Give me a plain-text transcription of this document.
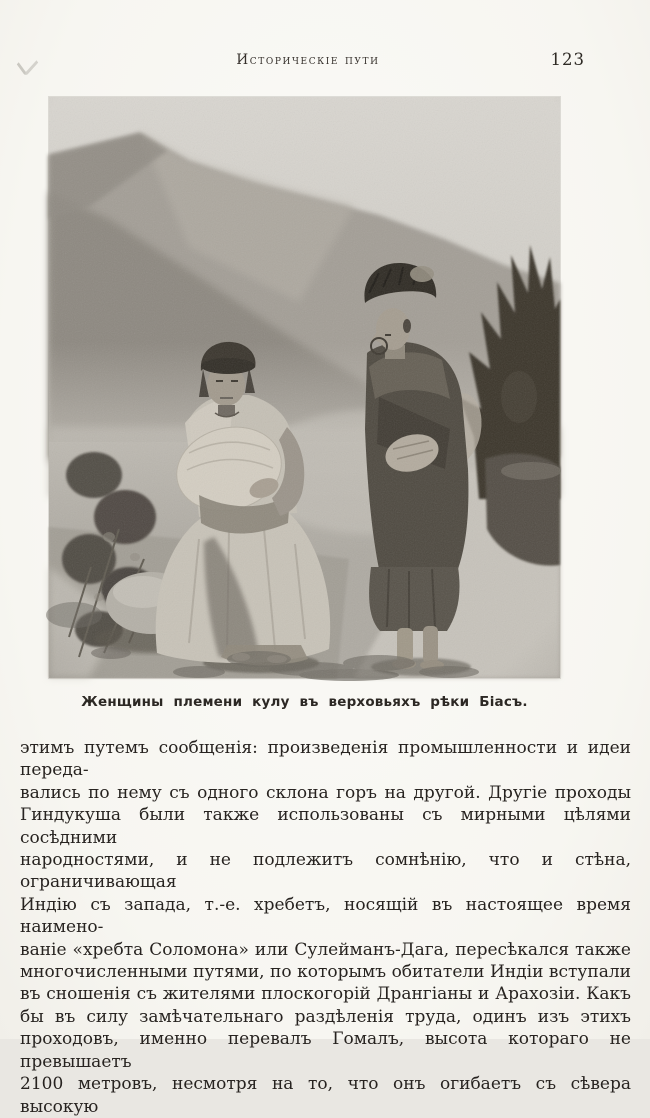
Историческіе пути	123
Женщины племени кулу въ верховьяхъ рѣки Біасъ.
этимъ путемъ сообщенія: произведенія промышленности и идеи переда-
вались по нему съ одного склона горъ на другой. Другіе проходы
Гиндукуша были также использованы съ мирными цѣлями сосѣдними
народностями, и не подлежитъ сомнѣнію, что и стѣна, ограничивающая
Индію съ запада, т.-е. хребетъ, носящій въ настоящее время наимено-
ваніе «хребта Соломона» или Сулейманъ-Дага, пересѣкался также
многочисленными путями, по которымъ обитатели Индіи вступали
въ сношенія съ жителями плоскогорій Дрангіаны и Арахозіи. Какъ
бы въ силу замѣчательнаго раздѣленія труда, одинъ изъ этихъ
проходовъ, именно перевалъ Гомалъ, высота котораго не превышаетъ
2100 метровъ, несмотря на то, что онъ огибаетъ съ сѣвера высокую
